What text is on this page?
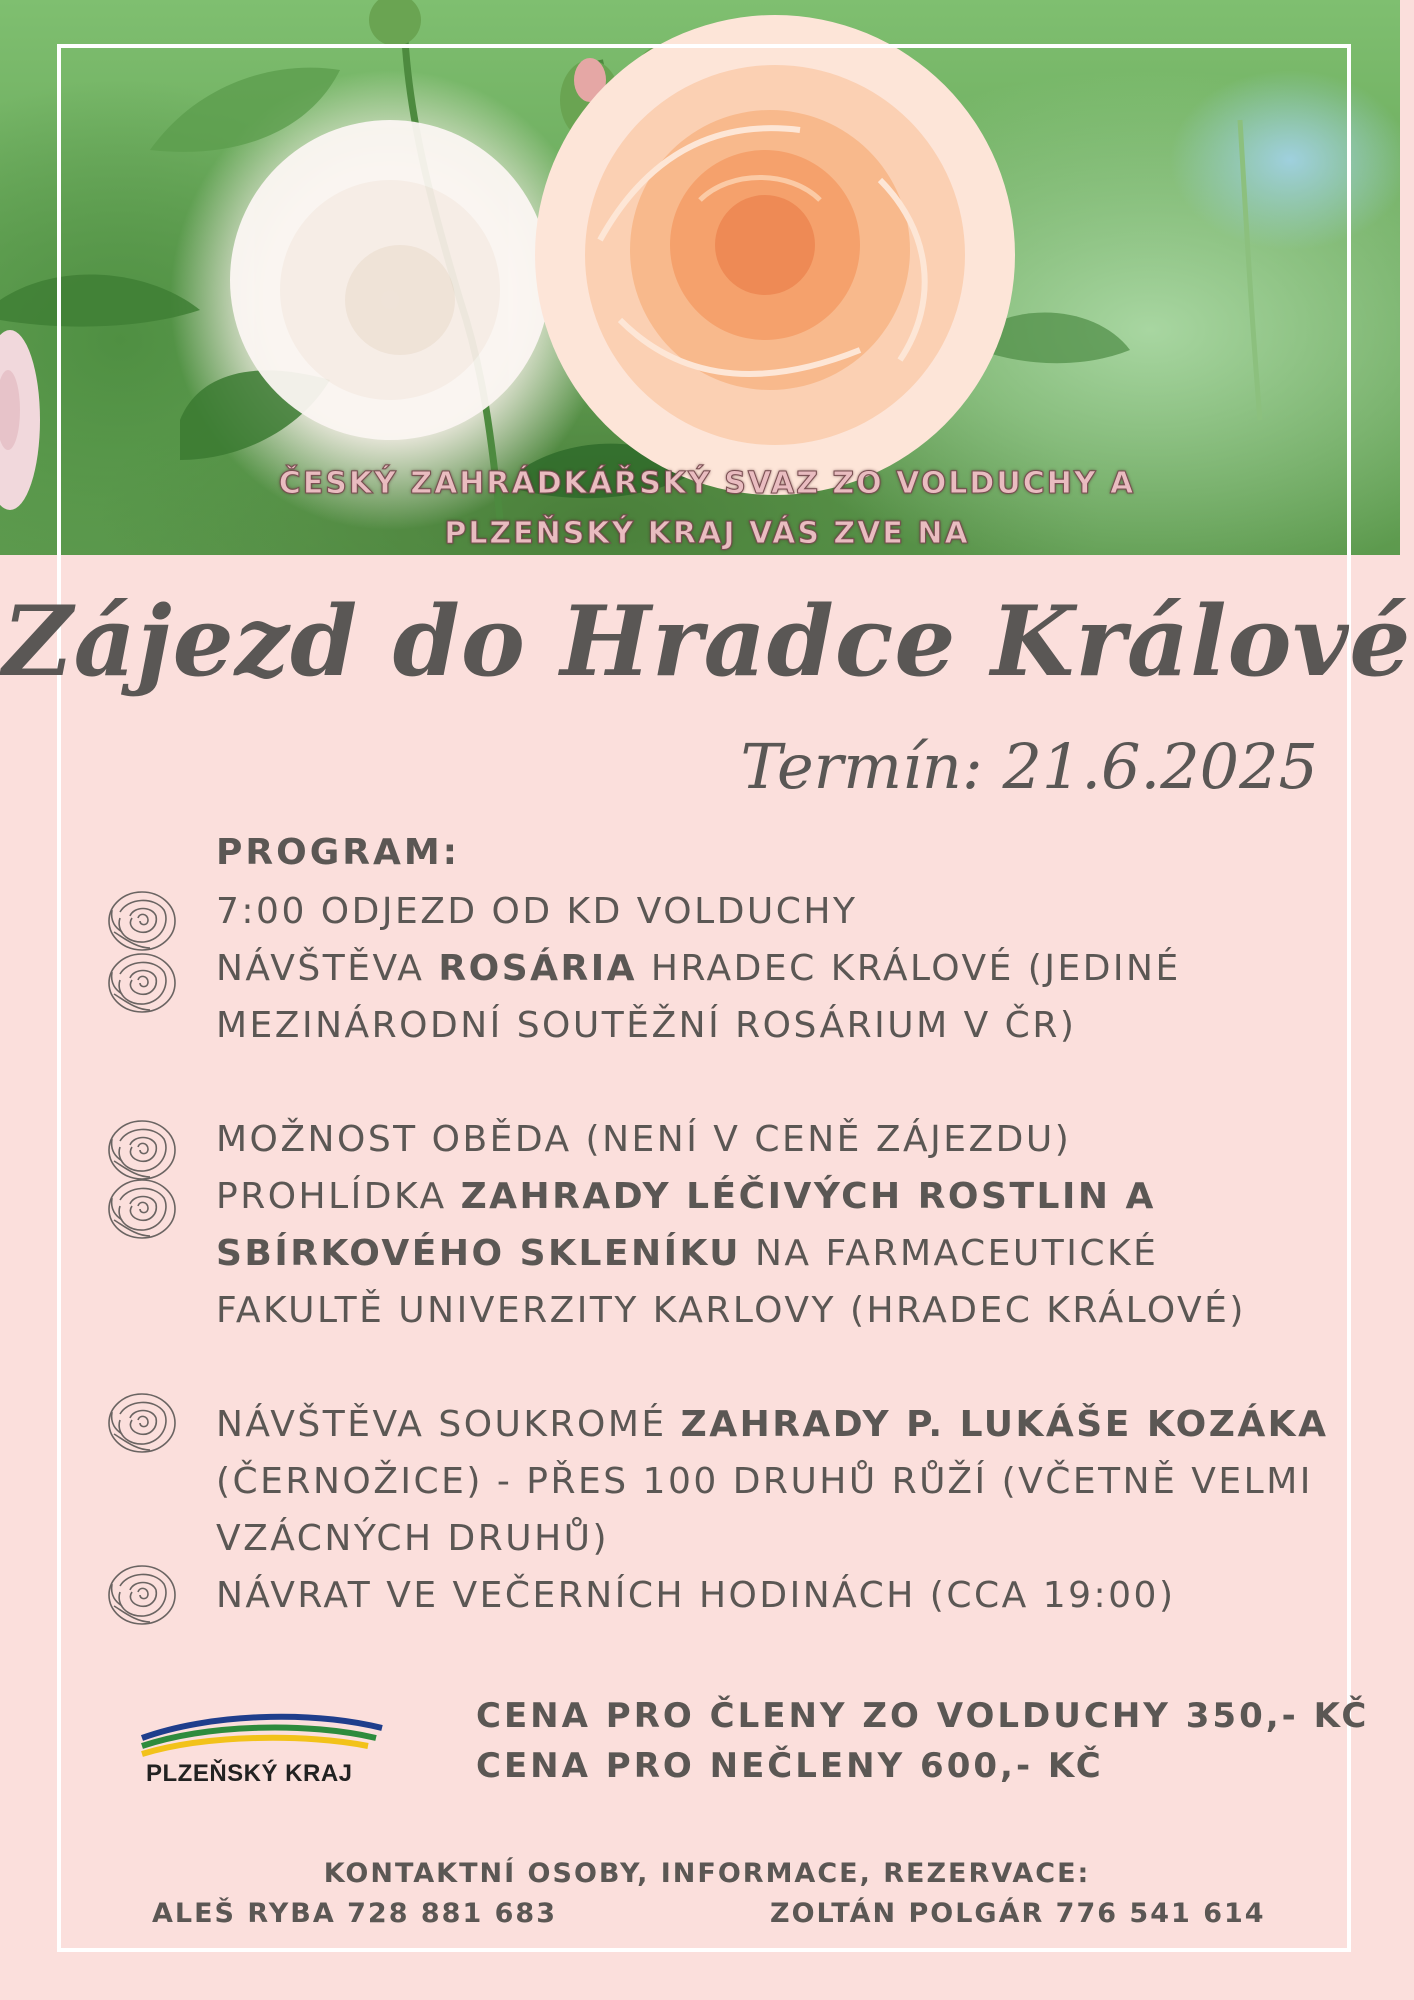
ČESKÝ ZAHRÁDKÁŘSKÝ SVAZ ZO VOLDUCHY A
PLZEŇSKÝ KRAJ VÁS ZVE NA
Zájezd do Hradce Králové
Termín: 21.6.2025
PROGRAM:
7:00 ODJEZD OD KD VOLDUCHY
NÁVŠTĚVA ROSÁRIA HRADEC KRÁLOVÉ (JEDINÉ MEZINÁRODNÍ SOUTĚŽNÍ ROSÁRIUM V ČR)
MOŽNOST OBĚDA (NENÍ V CENĚ ZÁJEZDU)
PROHLÍDKA ZAHRADY LÉČIVÝCH ROSTLIN A SBÍRKOVÉHO SKLENÍKU NA FARMACEUTICKÉ FAKULTĚ UNIVERZITY KARLOVY (HRADEC KRÁLOVÉ)
NÁVŠTĚVA SOUKROMÉ ZAHRADY P. LUKÁŠE KOZÁKA (ČERNOŽICE) - PŘES 100 DRUHŮ RŮŽÍ (VČETNĚ VELMI VZÁCNÝCH DRUHŮ)
NÁVRAT VE VEČERNÍCH HODINÁCH (CCA 19:00)
PLZEŇSKÝ KRAJ
CENA PRO ČLENY ZO VOLDUCHY 350,- KČ
CENA PRO NEČLENY 600,- KČ
KONTAKTNÍ OSOBY, INFORMACE, REZERVACE:
ALEŠ RYBA 728 881 683	ZOLTÁN POLGÁR 776 541 614
